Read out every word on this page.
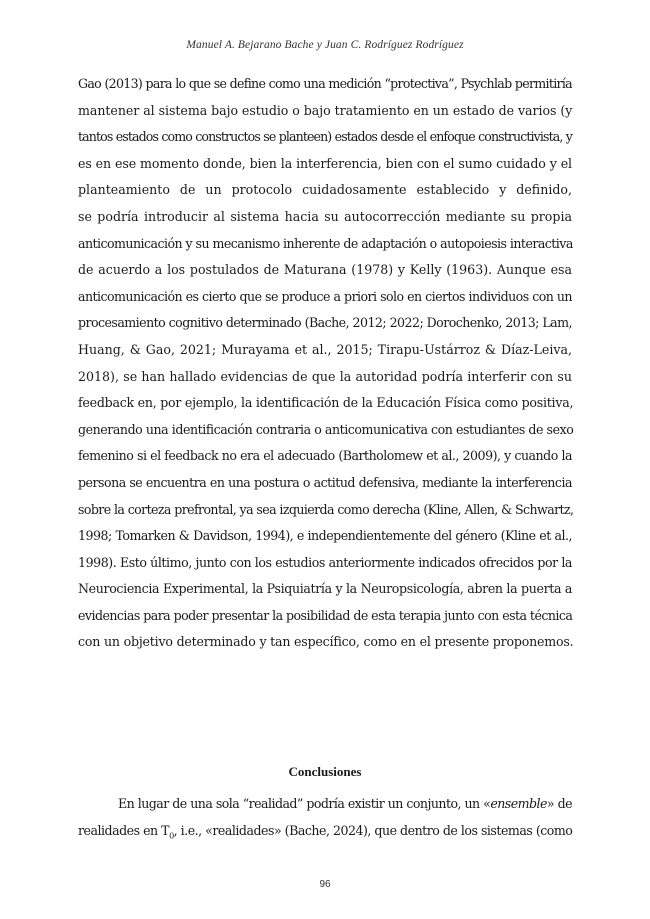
Manuel A. Bejarano Bache y Juan C. Rodríguez Rodríguez
Gao (2013) para lo que se define como una medición “protectiva”, Psychlab permitiría
mantener al sistema bajo estudio o bajo tratamiento en un estado de varios (y
tantos estados como constructos se planteen) estados desde el enfoque constructivista, y
es en ese momento donde, bien la interferencia, bien con el sumo cuidado y el
planteamiento de un protocolo cuidadosamente establecido y definido,
se podría introducir al sistema hacia su autocorrección mediante su propia
anticomunicación y su mecanismo inherente de adaptación o autopoiesis interactiva
de acuerdo a los postulados de Maturana (1978) y Kelly (1963). Aunque esa
anticomunicación es cierto que se produce a priori solo en ciertos individuos con un
procesamiento cognitivo determinado (Bache, 2012; 2022; Dorochenko, 2013; Lam,
Huang, & Gao, 2021; Murayama et al., 2015; Tirapu-Ustárroz & Díaz-Leiva,
2018), se han hallado evidencias de que la autoridad podría interferir con su
feedback en, por ejemplo, la identificación de la Educación Física como positiva,
generando una identificación contraria o anticomunicativa con estudiantes de sexo
femenino si el feedback no era el adecuado (Bartholomew et al., 2009), y cuando la
persona se encuentra en una postura o actitud defensiva, mediante la interferencia
sobre la corteza prefrontal, ya sea izquierda como derecha (Kline, Allen, & Schwartz,
1998; Tomarken & Davidson, 1994), e independientemente del género (Kline et al.,
1998). Esto último, junto con los estudios anteriormente indicados ofrecidos por la
Neurociencia Experimental, la Psiquiatría y la Neuropsicología, abren la puerta a
evidencias para poder presentar la posibilidad de esta terapia junto con esta técnica
con un objetivo determinado y tan específico, como en el presente proponemos.
Conclusiones
En lugar de una sola “realidad” podría existir un conjunto, un «ensemble» de
realidades en $T_0$, i.e., «realidades» (Bache, 2024), que dentro de los sistemas (como
96
